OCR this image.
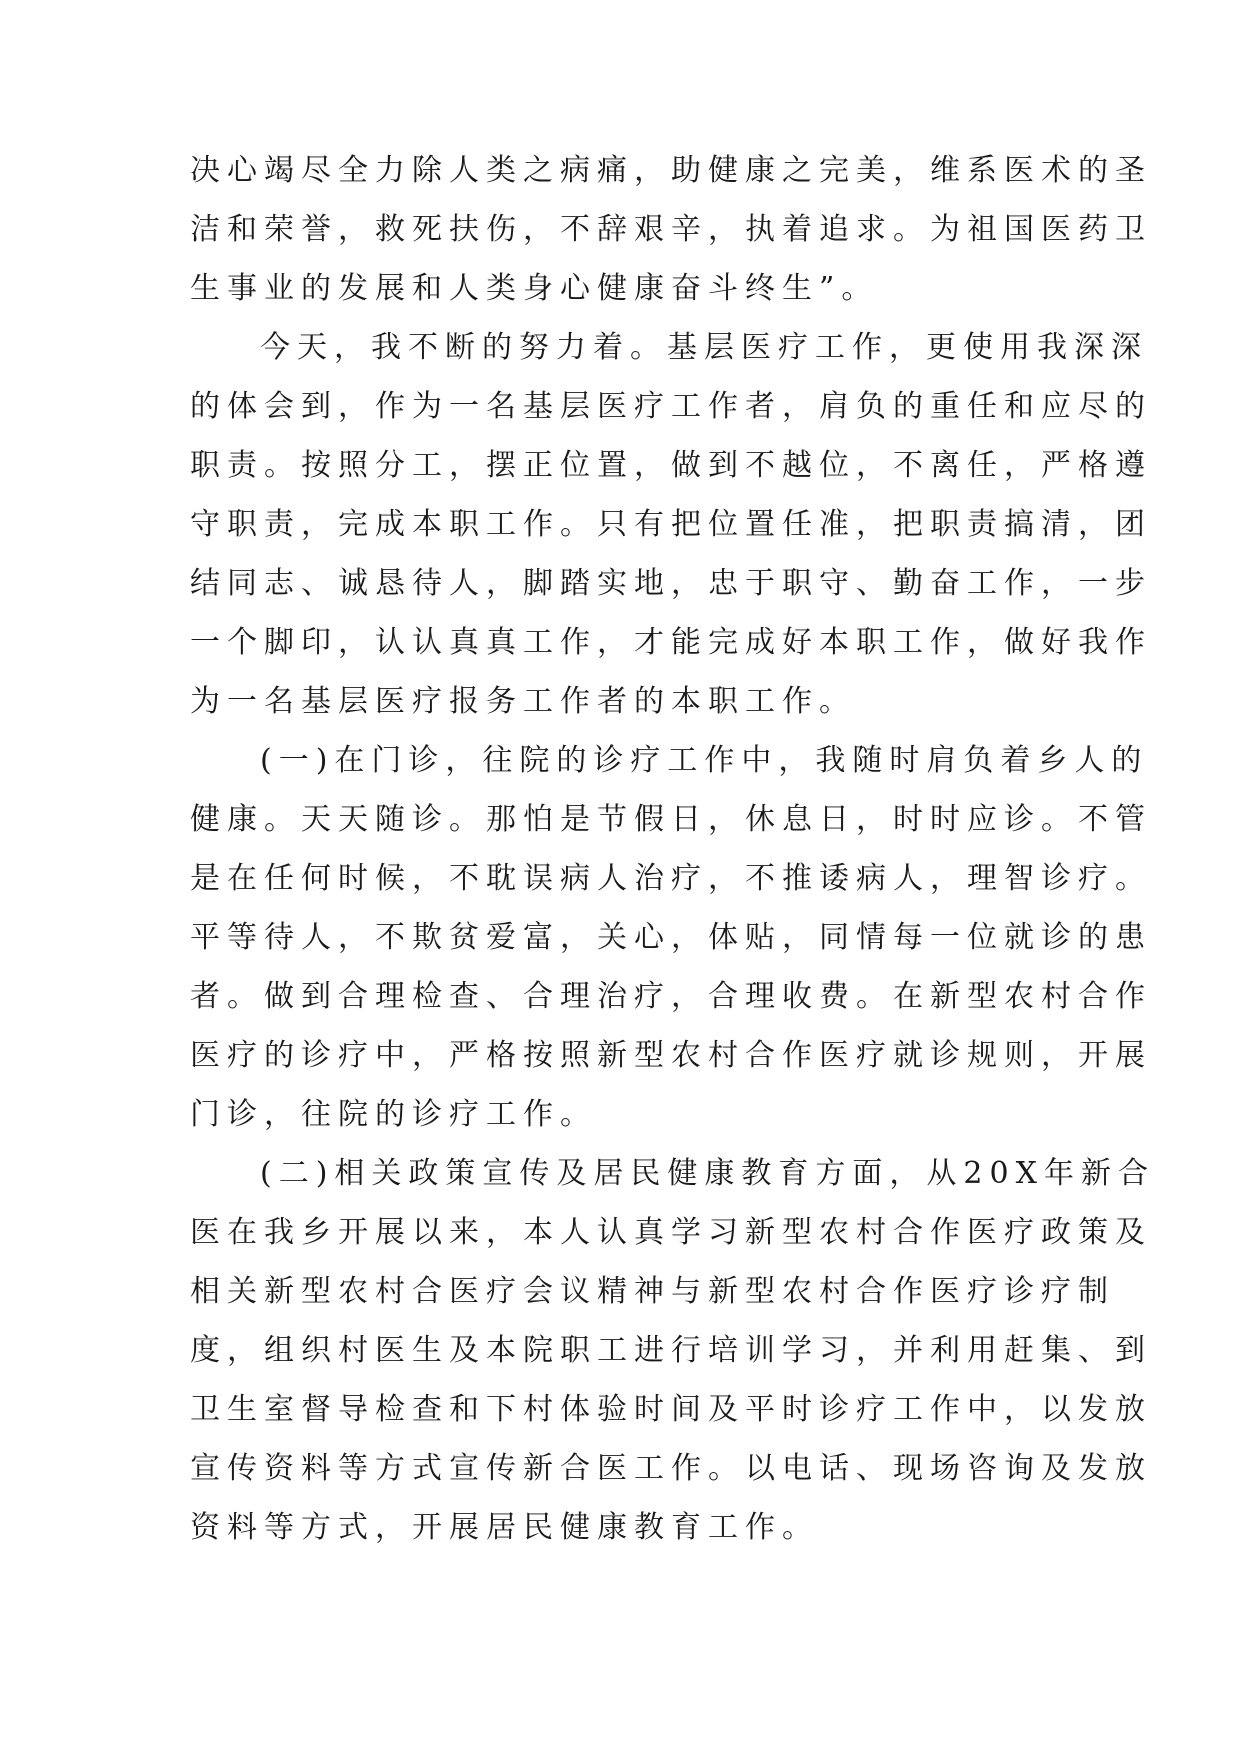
决心竭尽全力除人类之病痛，助健康之完美，维系医术的圣
洁和荣誉，救死扶伤，不辞艰辛，执着追求。为祖国医药卫
生事业的发展和人类身心健康奋斗终生”。
今天，我不断的努力着。基层医疗工作，更使用我深深
的体会到，作为一名基层医疗工作者，肩负的重任和应尽的
职责。按照分工，摆正位置，做到不越位，不离任，严格遵
守职责，完成本职工作。只有把位置任准，把职责搞清，团
结同志、诚恳待人，脚踏实地，忠于职守、勤奋工作，一步
一个脚印，认认真真工作，才能完成好本职工作，做好我作
为一名基层医疗报务工作者的本职工作。
(一)在门诊，往院的诊疗工作中，我随时肩负着乡人的
健康。天天随诊。那怕是节假日，休息日，时时应诊。不管
是在任何时候，不耽误病人治疗，不推诿病人，理智诊疗。
平等待人，不欺贫爱富，关心，体贴，同情每一位就诊的患
者。做到合理检查、合理治疗，合理收费。在新型农村合作
医疗的诊疗中，严格按照新型农村合作医疗就诊规则，开展
门诊，往院的诊疗工作。
(二)相关政策宣传及居民健康教育方面，从20X年新合
医在我乡开展以来，本人认真学习新型农村合作医疗政策及
相关新型农村合医疗会议精神与新型农村合作医疗诊疗制
度，组织村医生及本院职工进行培训学习，并利用赶集、到
卫生室督导检查和下村体验时间及平时诊疗工作中，以发放
宣传资料等方式宣传新合医工作。以电话、现场咨询及发放
资料等方式，开展居民健康教育工作。
